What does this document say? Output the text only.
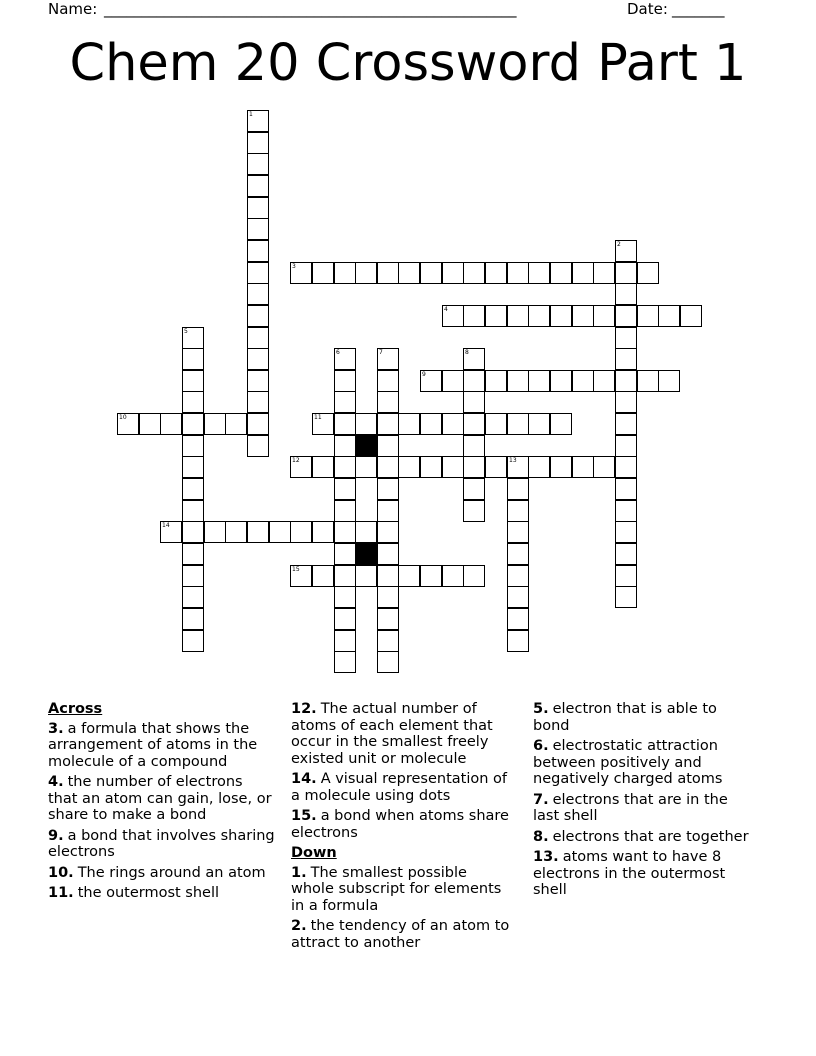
Name: _______________________________________________________	Date: _______
Chem 20 Crossword Part 1
1
2
3
4
5
6	7	8
9
10	11
12	13
14
15
Across
3. a formula that shows the arrangement of atoms in the molecule of a compound
4. the number of electrons that an atom can gain, lose, or share to make a bond
9. a bond that involves sharing electrons
10. The rings around an atom
11. the outermost shell
12. The actual number of atoms of each element that occur in the smallest freely existed unit or molecule
14. A visual representation of a molecule using dots
15. a bond when atoms share electrons
Down
1. The smallest possible whole subscript for elements in a formula
2. the tendency of an atom to attract to another
5. electron that is able to bond
6. electrostatic attraction between positively and negatively charged atoms
7. electrons that are in the last shell
8. electrons that are together
13. atoms want to have 8 electrons in the outermost shell
